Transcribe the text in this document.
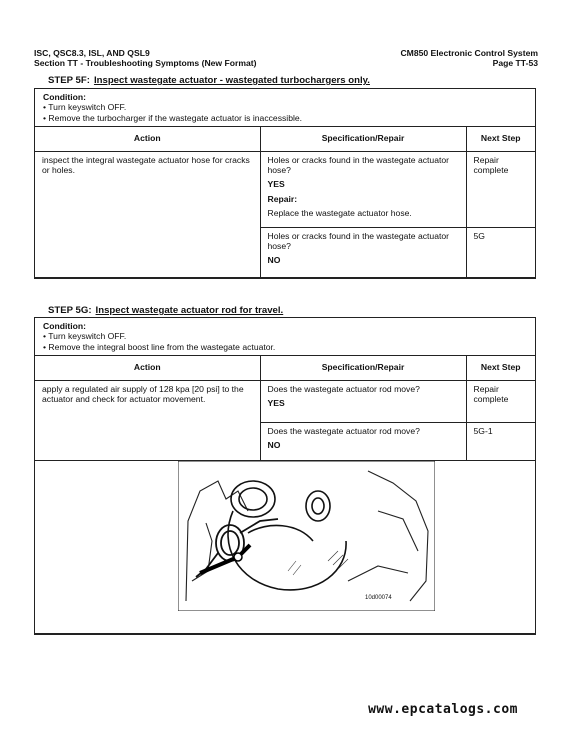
ISC, QSC8.3, ISL, AND QSL9
Section TT - Troubleshooting Symptoms (New Format)
CM850 Electronic Control System
Page TT-53
STEP 5F: Inspect wastegate actuator - wastegated turbochargers only.
Condition:
• Turn keyswitch OFF.
• Remove the turbocharger if the wastegate actuator is inaccessible.
Action	Specification/Repair	Next Step
inspect the integral wastegate actuator hose for cracks or holes.	Holes or cracks found in the wastegate actuator hose?
YES
Repair:
Replace the wastegate actuator hose.	Repair complete

	Holes or cracks found in the wastegate actuator hose?
NO	5G
STEP 5G: Inspect wastegate actuator rod for travel.
Condition:
• Turn keyswitch OFF.
• Remove the integral boost line from the wastegate actuator.
Action	Specification/Repair	Next Step
apply a regulated air supply of 128 kpa [20 psi] to the actuator and check for actuator movement.	Does the wastegate actuator rod move?
YES	Repair complete

	Does the wastegate actuator rod move?
NO	5G-1

10d00074		
www.epcatalogs.com
